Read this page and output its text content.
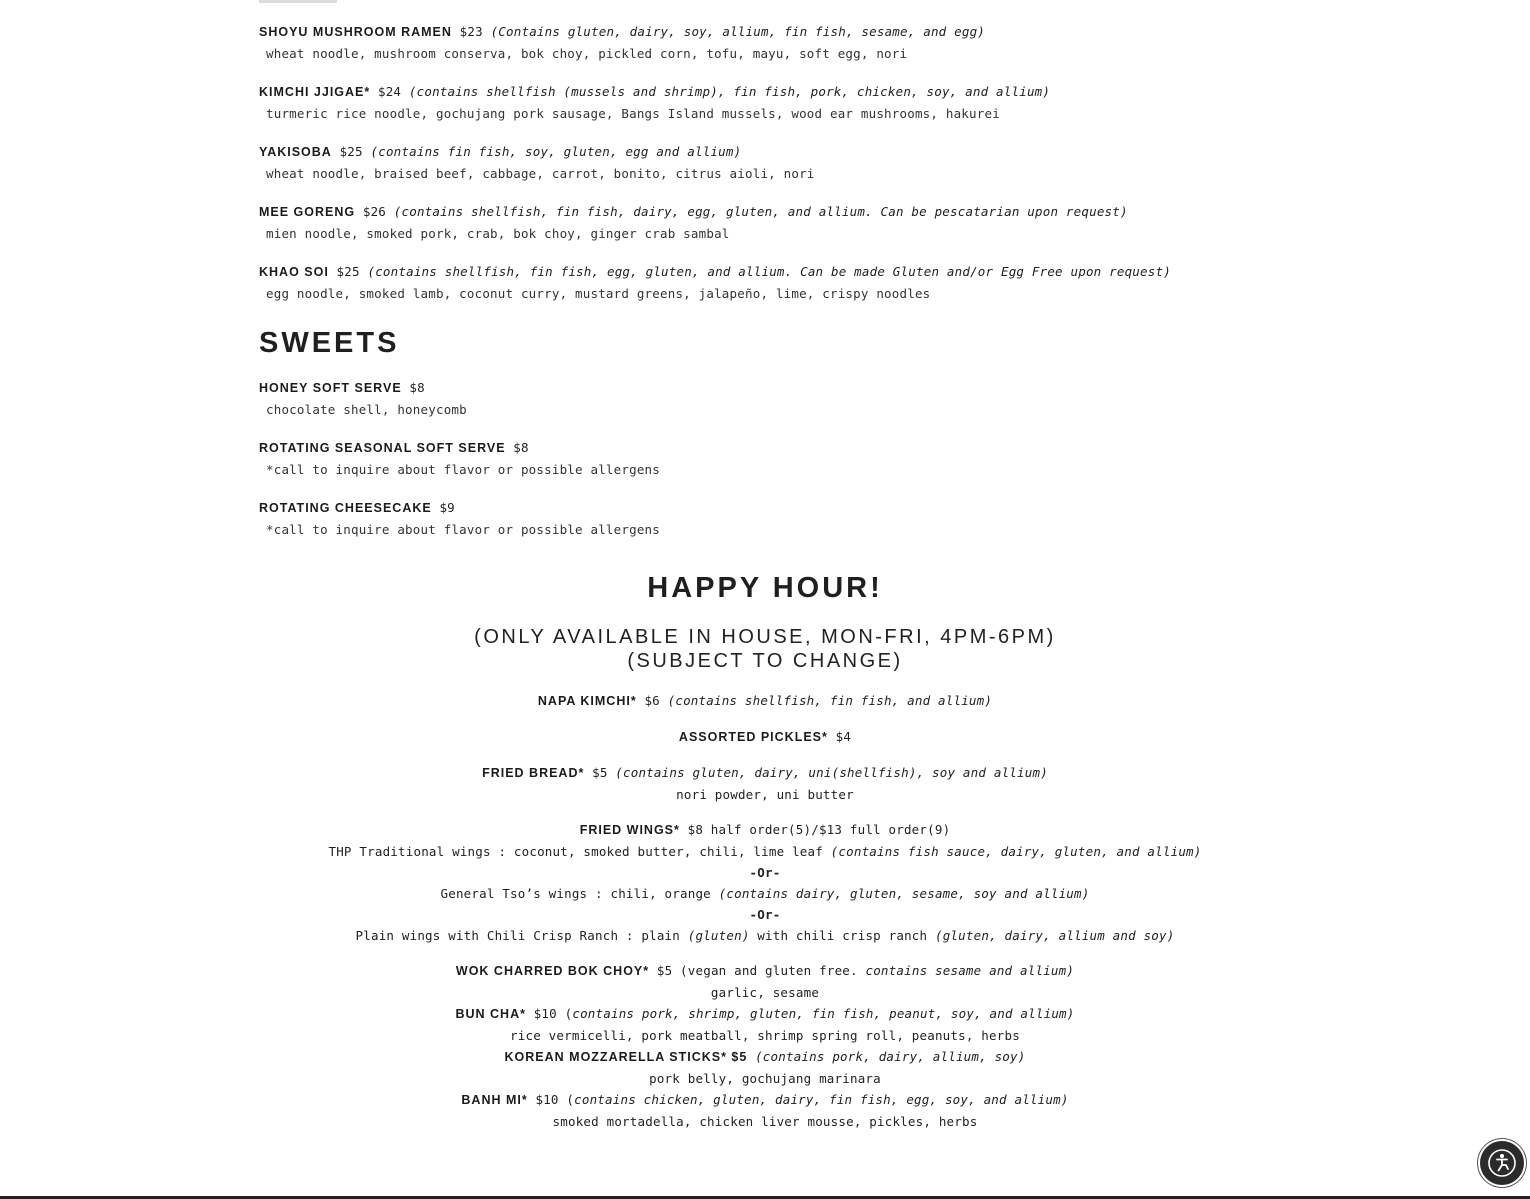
SHOYU MUSHROOM RAMEN $23 (Contains gluten, dairy, soy, allium, fin fish, sesame, and egg)
wheat noodle, mushroom conserva, bok choy, pickled corn, tofu, mayu, soft egg, nori
KIMCHI JJIGAE* $24 (contains shellfish (mussels and shrimp), fin fish, pork, chicken, soy, and allium)
turmeric rice noodle, gochujang pork sausage, Bangs Island mussels, wood ear mushrooms, hakurei
YAKISOBA $25 (contains fin fish, soy, gluten, egg and allium)
wheat noodle, braised beef, cabbage, carrot, bonito, citrus aioli, nori
MEE GORENG $26 (contains shellfish, fin fish, dairy, egg, gluten, and allium. Can be pescatarian upon request)
mien noodle, smoked pork, crab, bok choy, ginger crab sambal
KHAO SOI $25 (contains shellfish, fin fish, egg, gluten, and allium. Can be made Gluten and/or Egg Free upon request)
egg noodle, smoked lamb, coconut curry, mustard greens, jalapeño, lime, crispy noodles
SWEETS
HONEY SOFT SERVE $8
chocolate shell, honeycomb
ROTATING SEASONAL SOFT SERVE $8
*call to inquire about flavor or possible allergens
ROTATING CHEESECAKE $9
*call to inquire about flavor or possible allergens
HAPPY HOUR!
(ONLY AVAILABLE IN HOUSE, MON-FRI, 4PM-6PM)
(SUBJECT TO CHANGE)
NAPA KIMCHI* $6 (contains shellfish, fin fish, and allium)
ASSORTED PICKLES* $4
FRIED BREAD* $5 (contains gluten, dairy, uni(shellfish), soy and allium)
nori powder, uni butter
FRIED WINGS* $8 half order(5)/$13 full order(9)
THP Traditional wings : coconut, smoked butter, chili, lime leaf (contains fish sauce, dairy, gluten, and allium)
-Or-
General Tso’s wings : chili, orange (contains dairy, gluten, sesame, soy and allium)
-Or-
Plain wings with Chili Crisp Ranch : plain (gluten) with chili crisp ranch (gluten, dairy, allium and soy)
WOK CHARRED BOK CHOY* $5 (vegan and gluten free. contains sesame and allium)
garlic, sesame
BUN CHA* $10 (contains pork, shrimp, gluten, fin fish, peanut, soy, and allium)
rice vermicelli, pork meatball, shrimp spring roll, peanuts, herbs
KOREAN MOZZARELLA STICKS* $5 (contains pork, dairy, allium, soy)
pork belly, gochujang marinara
BANH MI* $10 (contains chicken, gluten, dairy, fin fish, egg, soy, and allium)
smoked mortadella, chicken liver mousse, pickles, herbs
